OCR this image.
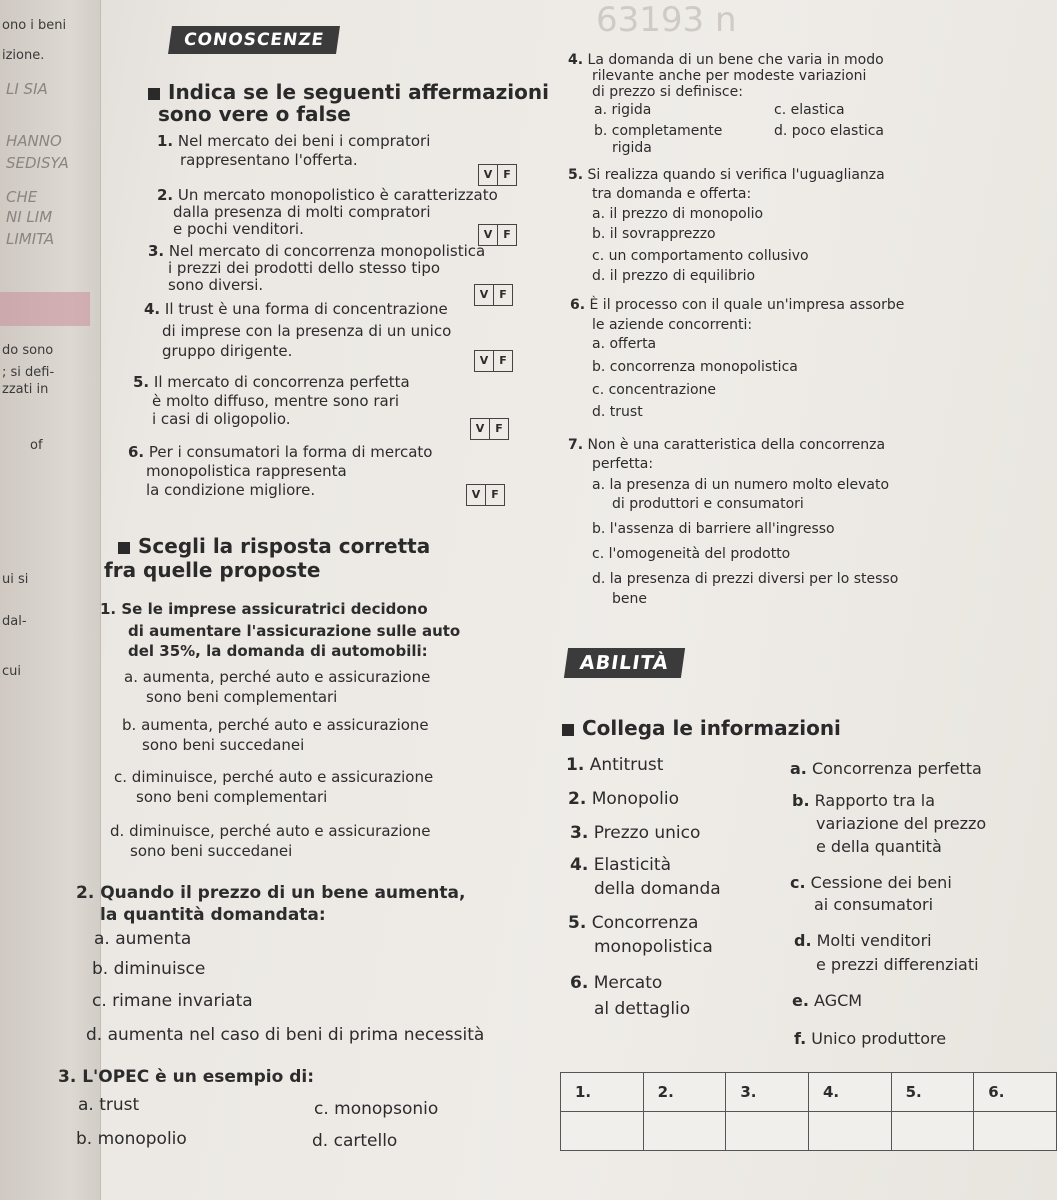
ono i beni
izione.
LI SIA
HANNO
SEDISYA
CHE
NI LIM
LIMITA
do sono
; si defi-
zzati in
of
ui si
dal-
cui
63193 n
CONOSCENZE
Indica se le seguenti affermazioni
sono vere o false
1. Nel mercato dei beni i compratori
rappresentano l'offerta.
V F
2. Un mercato monopolistico è caratterizzato
dalla presenza di molti compratori
e pochi venditori.	V F
3. Nel mercato di concorrenza monopolistica
i prezzi dei prodotti dello stesso tipo
sono diversi.
V F
4. Il trust è una forma di concentrazione
di imprese con la presenza di un unico
gruppo dirigente.
V F
5. Il mercato di concorrenza perfetta
è molto diffuso, mentre sono rari
i casi di oligopolio.
V F
6. Per i consumatori la forma di mercato
monopolistica rappresenta
la condizione migliore.	V F
Scegli la risposta corretta
fra quelle proposte
1. Se le imprese assicuratrici decidono
di aumentare l'assicurazione sulle auto
del 35%, la domanda di automobili:
a. aumenta, perché auto e assicurazione
sono beni complementari
b. aumenta, perché auto e assicurazione
sono beni succedanei
c. diminuisce, perché auto e assicurazione
sono beni complementari
d. diminuisce, perché auto e assicurazione
sono beni succedanei
2. Quando il prezzo di un bene aumenta,
la quantità domandata:
a. aumenta
b. diminuisce
c. rimane invariata
d. aumenta nel caso di beni di prima necessità
3. L'OPEC è un esempio di:
a. trust	c. monopsonio
b. monopolio	d. cartello
4. La domanda di un bene che varia in modo
rilevante anche per modeste variazioni
di prezzo si definisce:
a. rigida	c. elastica
b. completamente
rigida
d. poco elastica
5. Si realizza quando si verifica l'uguaglianza
tra domanda e offerta:
a. il prezzo di monopolio
b. il sovrapprezzo
c. un comportamento collusivo
d. il prezzo di equilibrio
6. È il processo con il quale un'impresa assorbe
le aziende concorrenti:
a. offerta
b. concorrenza monopolistica
c. concentrazione
d. trust
7. Non è una caratteristica della concorrenza
perfetta:
a. la presenza di un numero molto elevato
di produttori e consumatori
b. l'assenza di barriere all'ingresso
c. l'omogeneità del prodotto
d. la presenza di prezzi diversi per lo stesso
bene
ABILITÀ
Collega le informazioni
1. Antitrust
2. Monopolio
3. Prezzo unico
4. Elasticità
della domanda
5. Concorrenza
monopolistica
6. Mercato
al dettaglio
a. Concorrenza perfetta
b. Rapporto tra la
variazione del prezzo
e della quantità
c. Cessione dei beni
ai consumatori
d. Molti venditori
e prezzi differenziati
e. AGCM
f. Unico produttore
1.	2.	3.	4.	5.	6.
